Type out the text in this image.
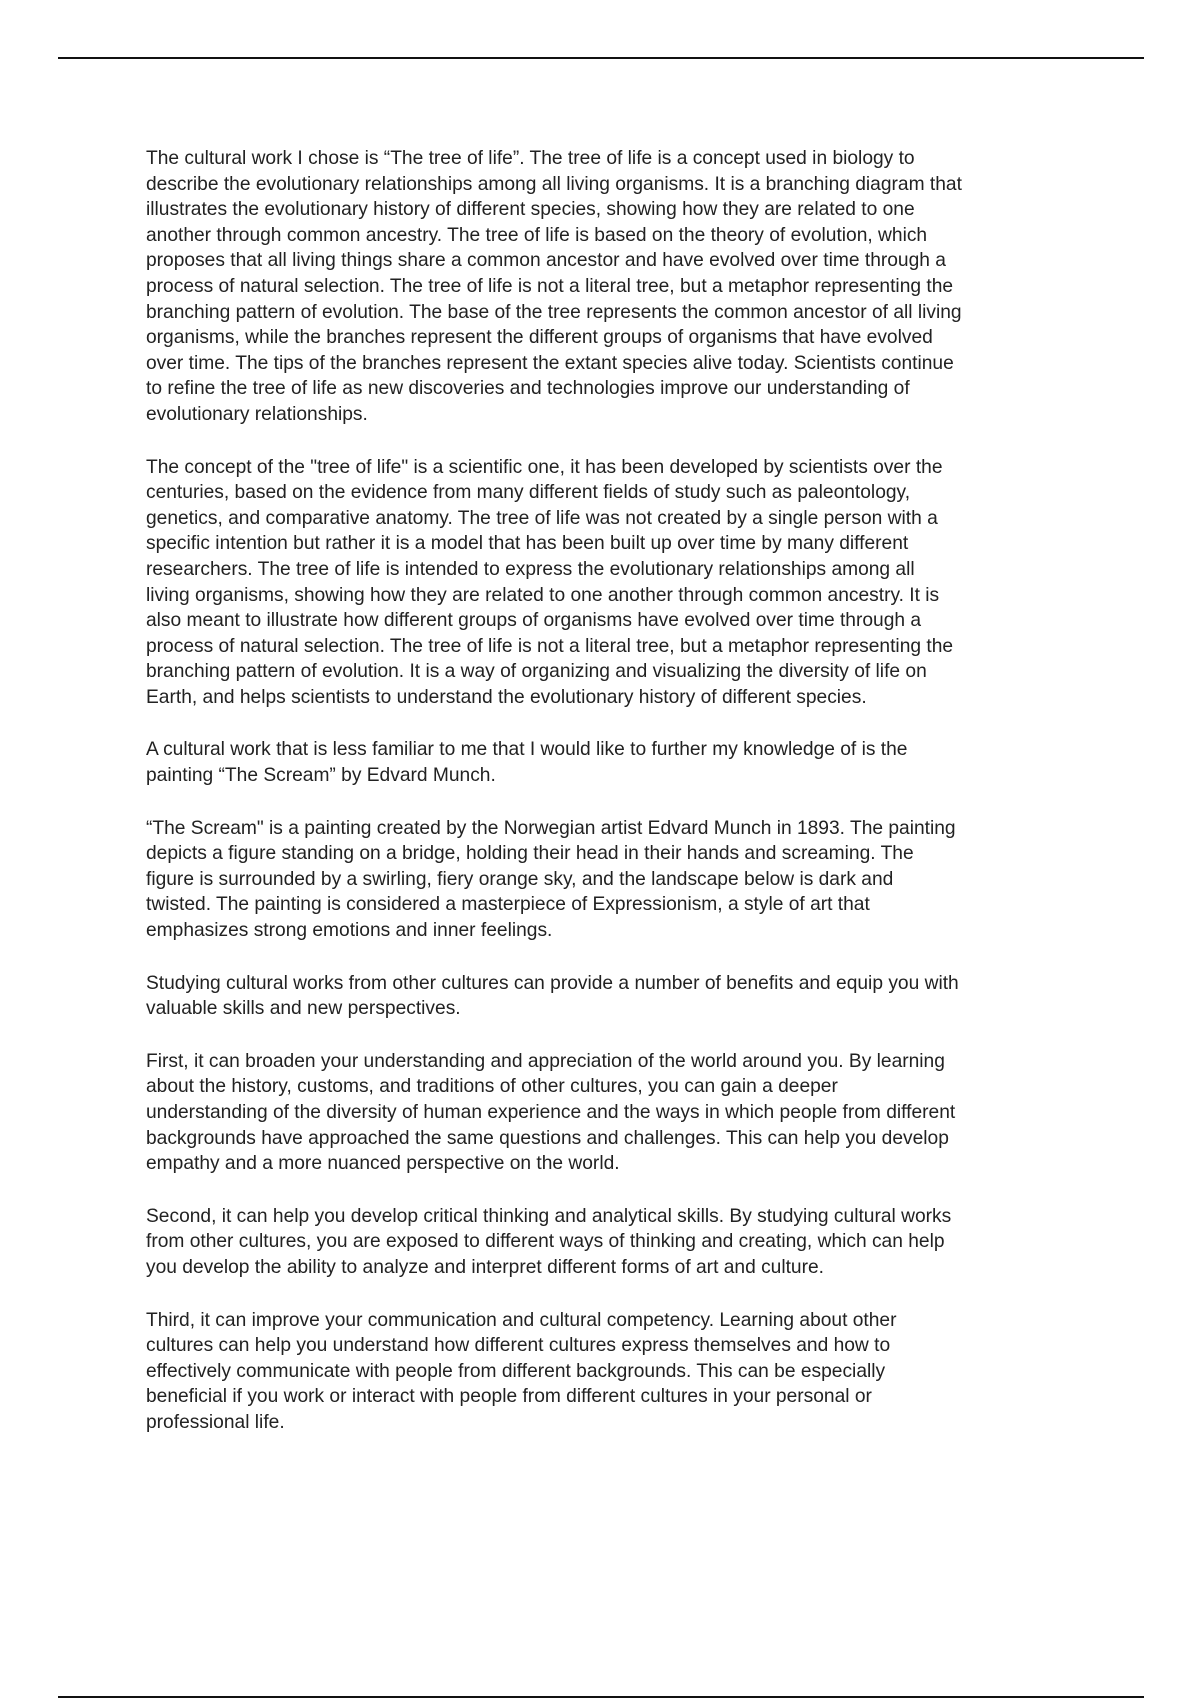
The cultural work I chose is “The tree of life”. The tree of life is a concept used in biology to
describe the evolutionary relationships among all living organisms. It is a branching diagram that
illustrates the evolutionary history of different species, showing how they are related to one
another through common ancestry. The tree of life is based on the theory of evolution, which
proposes that all living things share a common ancestor and have evolved over time through a
process of natural selection. The tree of life is not a literal tree, but a metaphor representing the
branching pattern of evolution. The base of the tree represents the common ancestor of all living
organisms, while the branches represent the different groups of organisms that have evolved
over time. The tips of the branches represent the extant species alive today. Scientists continue
to refine the tree of life as new discoveries and technologies improve our understanding of
evolutionary relationships.

The concept of the "tree of life" is a scientific one, it has been developed by scientists over the
centuries, based on the evidence from many different fields of study such as paleontology,
genetics, and comparative anatomy. The tree of life was not created by a single person with a
specific intention but rather it is a model that has been built up over time by many different
researchers. The tree of life is intended to express the evolutionary relationships among all
living organisms, showing how they are related to one another through common ancestry. It is
also meant to illustrate how different groups of organisms have evolved over time through a
process of natural selection. The tree of life is not a literal tree, but a metaphor representing the
branching pattern of evolution. It is a way of organizing and visualizing the diversity of life on
Earth, and helps scientists to understand the evolutionary history of different species.

A cultural work that is less familiar to me that I would like to further my knowledge of is the
painting “The Scream” by Edvard Munch.

“The Scream" is a painting created by the Norwegian artist Edvard Munch in 1893. The painting
depicts a figure standing on a bridge, holding their head in their hands and screaming. The
figure is surrounded by a swirling, fiery orange sky, and the landscape below is dark and
twisted. The painting is considered a masterpiece of Expressionism, a style of art that
emphasizes strong emotions and inner feelings.

Studying cultural works from other cultures can provide a number of benefits and equip you with
valuable skills and new perspectives.

First, it can broaden your understanding and appreciation of the world around you. By learning
about the history, customs, and traditions of other cultures, you can gain a deeper
understanding of the diversity of human experience and the ways in which people from different
backgrounds have approached the same questions and challenges. This can help you develop
empathy and a more nuanced perspective on the world.

Second, it can help you develop critical thinking and analytical skills. By studying cultural works
from other cultures, you are exposed to different ways of thinking and creating, which can help
you develop the ability to analyze and interpret different forms of art and culture.

Third, it can improve your communication and cultural competency. Learning about other
cultures can help you understand how different cultures express themselves and how to
effectively communicate with people from different backgrounds. This can be especially
beneficial if you work or interact with people from different cultures in your personal or
professional life.
